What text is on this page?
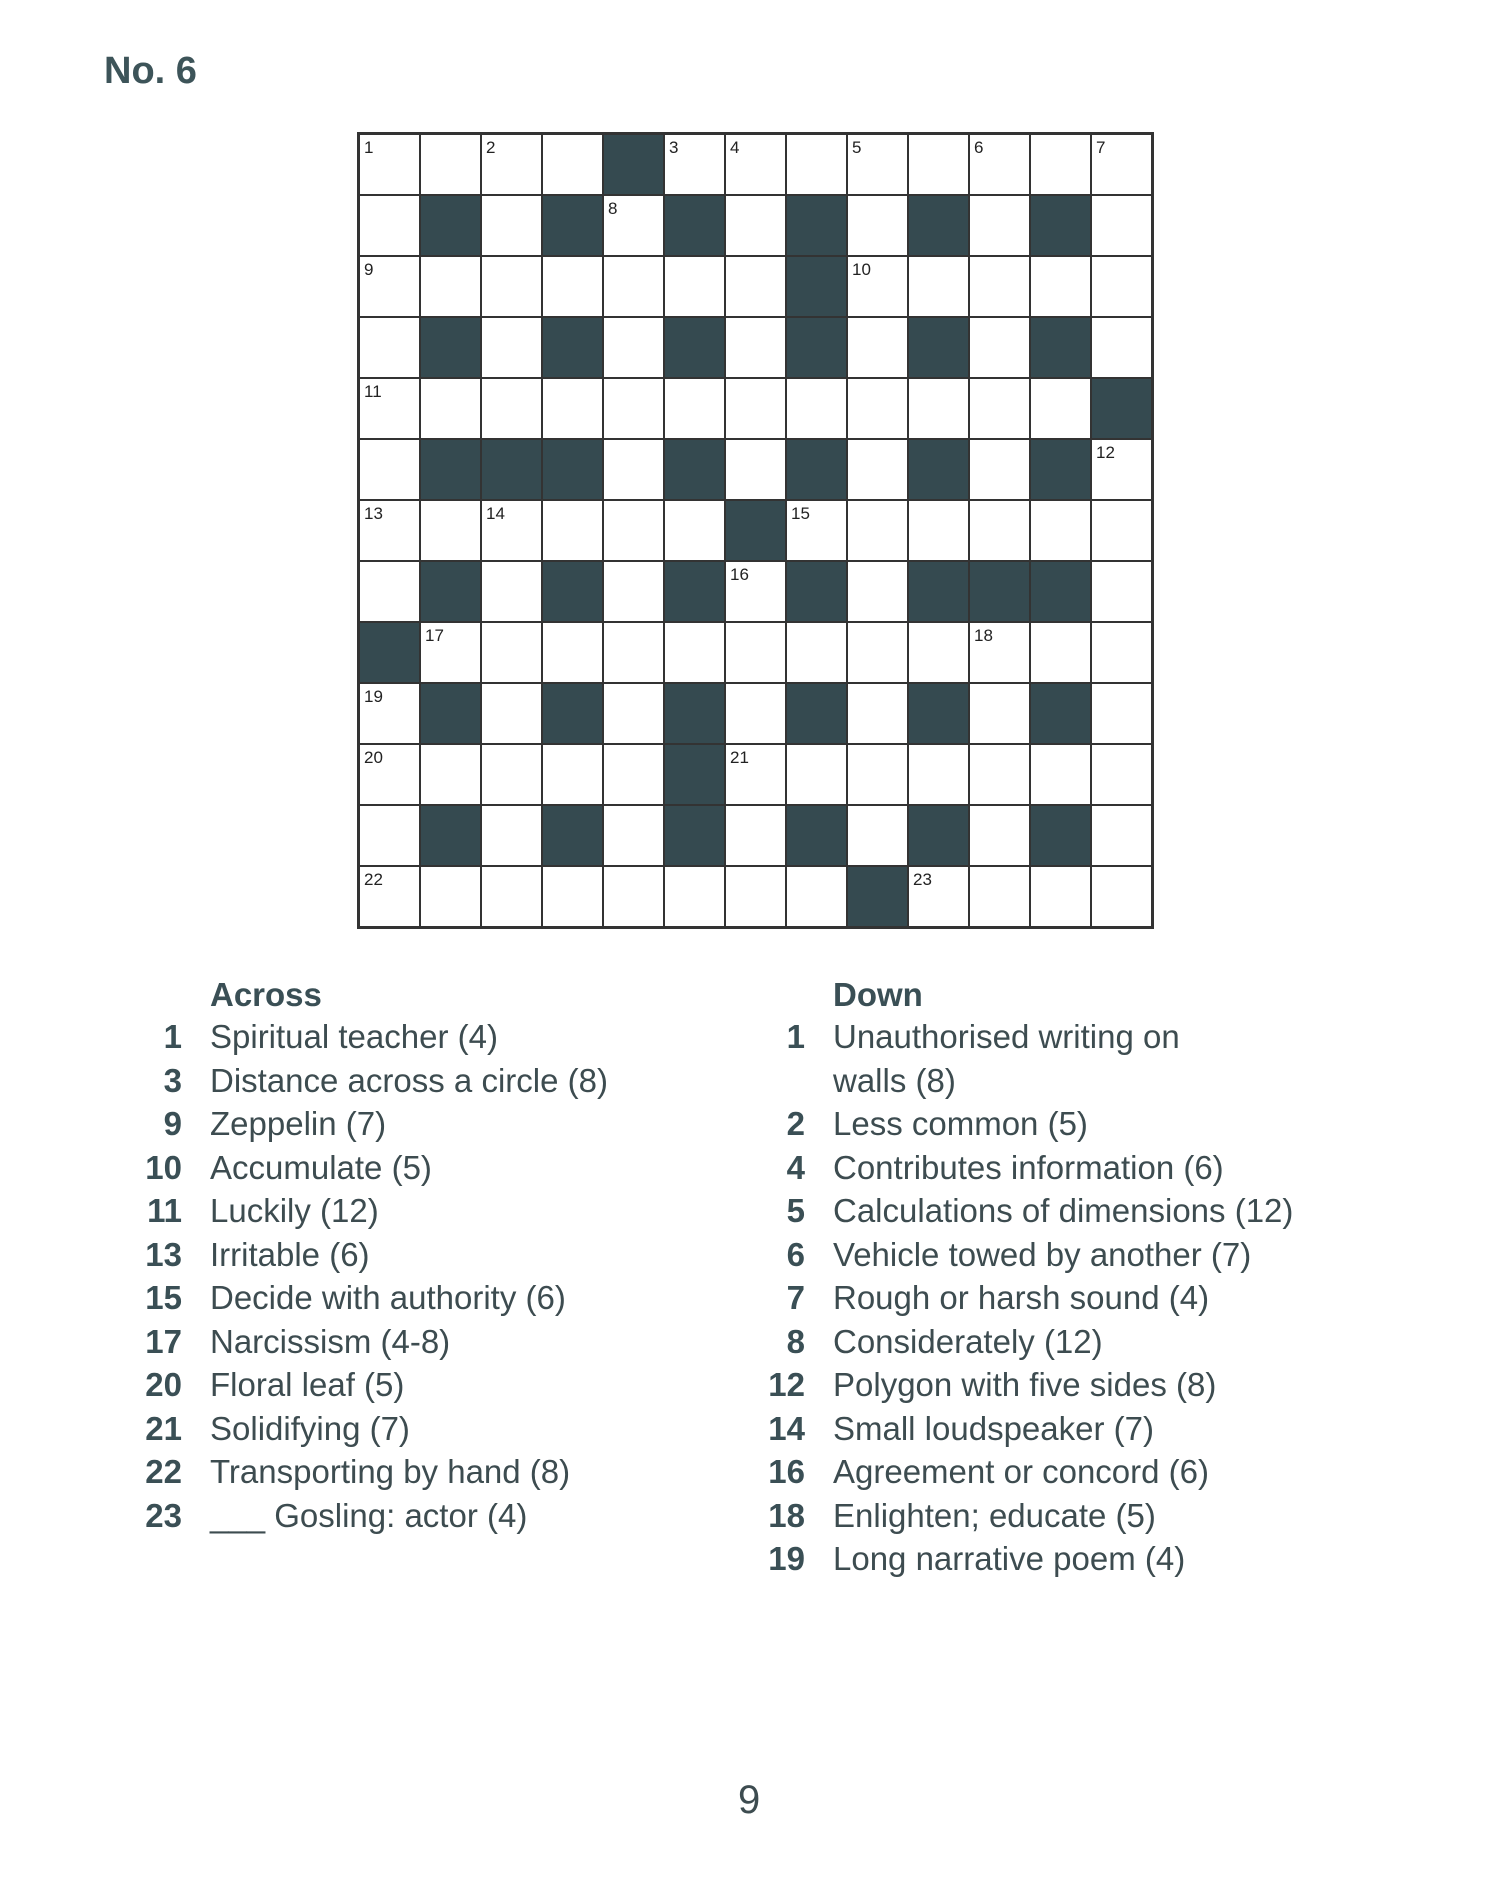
No. 6
1	2	3	4	5	6	7
8
9	10
11
12
13	14	15
16
17	18
19
20	21
22	23
Across
1 Spiritual teacher (4)
3 Distance across a circle (8)
9 Zeppelin (7)
10 Accumulate (5)
11 Luckily (12)
13 Irritable (6)
15 Decide with authority (6)
17 Narcissism (4-8)
20 Floral leaf (5)
21 Solidifying (7)
22 Transporting by hand (8)
23 ___ Gosling: actor (4)
Down
1 Unauthorised writing on walls (8)
2 Less common (5)
4 Contributes information (6)
5 Calculations of dimensions (12)
6 Vehicle towed by another (7)
7 Rough or harsh sound (4)
8 Considerately (12)
12 Polygon with five sides (8)
14 Small loudspeaker (7)
16 Agreement or concord (6)
18 Enlighten; educate (5)
19 Long narrative poem (4)
9
